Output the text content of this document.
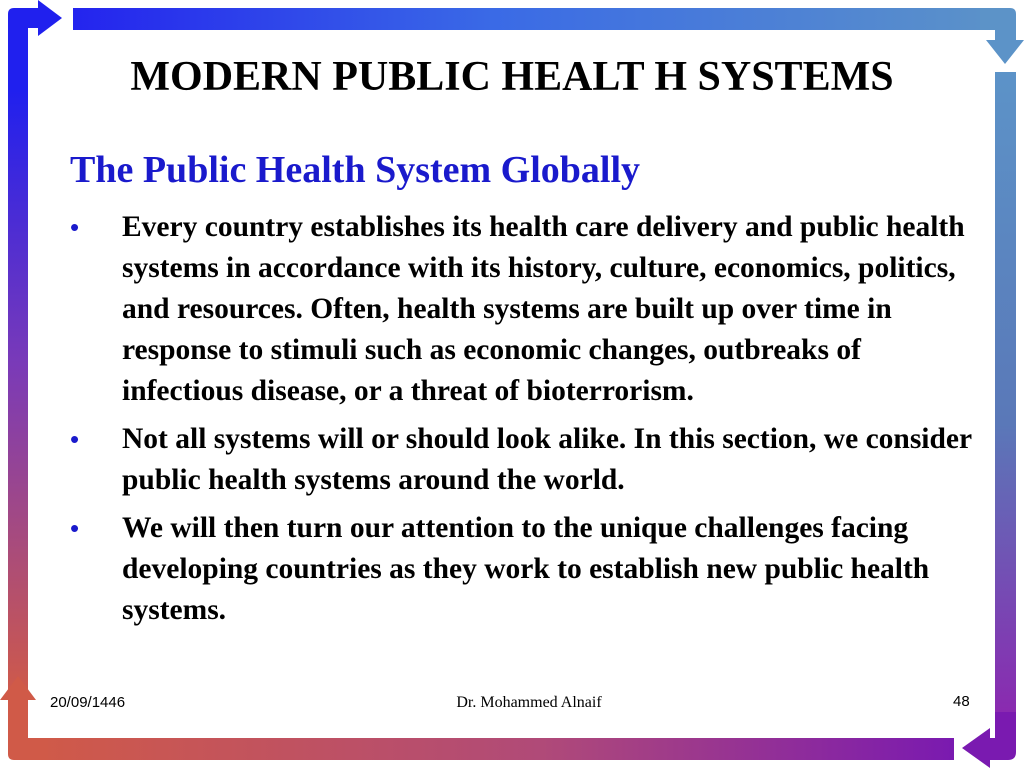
MODERN PUBLIC HEALT H SYSTEMS
The Public Health System Globally
• Every country establishes its health care delivery and public health systems in accordance with its history, culture, economics, politics, and resources. Often, health systems are built up over time in response to stimuli such as economic changes, outbreaks of infectious disease, or a threat of bioterrorism.
• Not all systems will or should look alike. In this section, we consider public health systems around the world.
• We will then turn our attention to the unique challenges facing developing countries as they work to establish new public health systems.
20/09/1446	Dr. Mohammed Alnaif	48
